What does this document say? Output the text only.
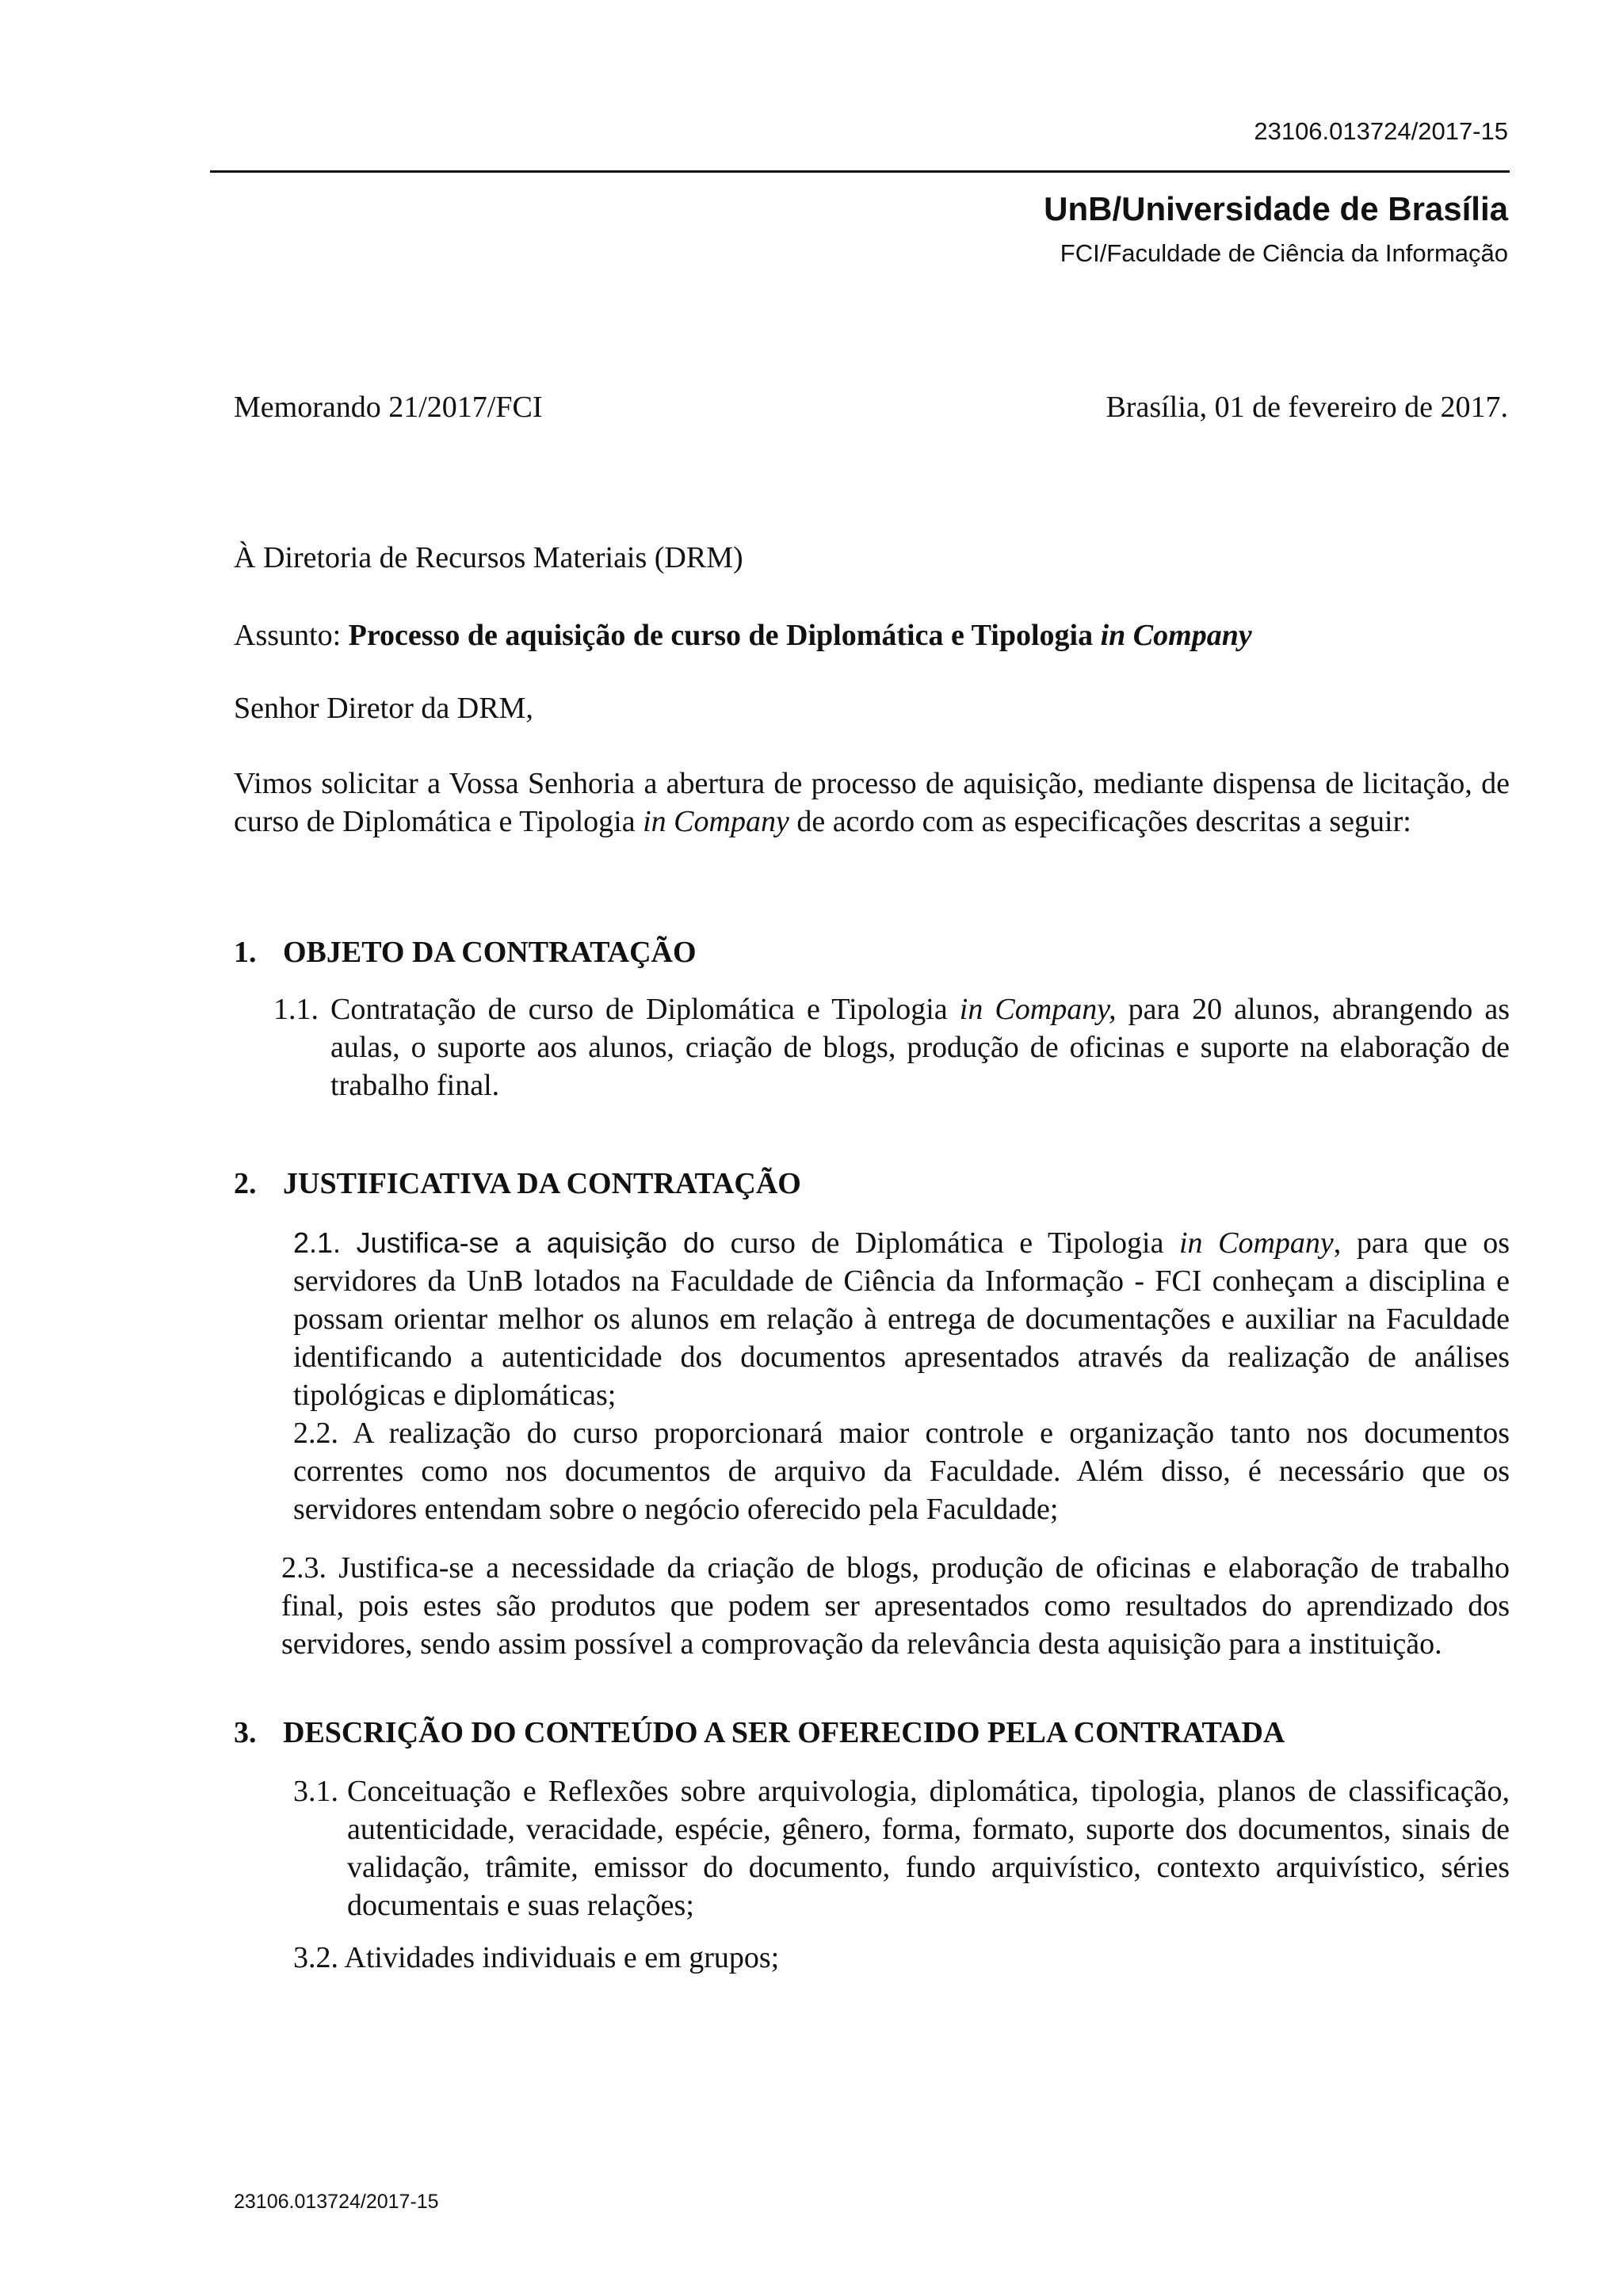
23106.013724/2017-15
UnB/Universidade de Brasília
FCI/Faculdade de Ciência da Informação
Memorando 21/2017/FCI	Brasília, 01 de fevereiro de 2017.
À Diretoria de Recursos Materiais (DRM)
Assunto: Processo de aquisição de curso de Diplomática e Tipologia in Company
Senhor Diretor da DRM,
Vimos solicitar a Vossa Senhoria a abertura de processo de aquisição, mediante dispensa de licitação, de curso de Diplomática e Tipologia in Company de acordo com as especificações descritas a seguir:
1. OBJETO DA CONTRATAÇÃO
1.1. Contratação de curso de Diplomática e Tipologia in Company, para 20 alunos, abrangendo as aulas, o suporte aos alunos, criação de blogs, produção de oficinas e suporte na elaboração de trabalho final.
2. JUSTIFICATIVA DA CONTRATAÇÃO
2.1. Justifica-se a aquisição do curso de Diplomática e Tipologia in Company, para que os servidores da UnB lotados na Faculdade de Ciência da Informação - FCI conheçam a disciplina e possam orientar melhor os alunos em relação à entrega de documentações e auxiliar na Faculdade identificando a autenticidade dos documentos apresentados através da realização de análises tipológicas e diplomáticas;
2.2. A realização do curso proporcionará maior controle e organização tanto nos documentos correntes como nos documentos de arquivo da Faculdade. Além disso, é necessário que os servidores entendam sobre o negócio oferecido pela Faculdade;
2.3. Justifica-se a necessidade da criação de blogs, produção de oficinas e elaboração de trabalho final, pois estes são produtos que podem ser apresentados como resultados do aprendizado dos servidores, sendo assim possível a comprovação da relevância desta aquisição para a instituição.
3. DESCRIÇÃO DO CONTEÚDO A SER OFERECIDO PELA CONTRATADA
3.1. Conceituação e Reflexões sobre arquivologia, diplomática, tipologia, planos de classificação, autenticidade, veracidade, espécie, gênero, forma, formato, suporte dos documentos, sinais de validação, trâmite, emissor do documento, fundo arquivístico, contexto arquivístico, séries documentais e suas relações;
3.2. Atividades individuais e em grupos;
23106.013724/2017-15
